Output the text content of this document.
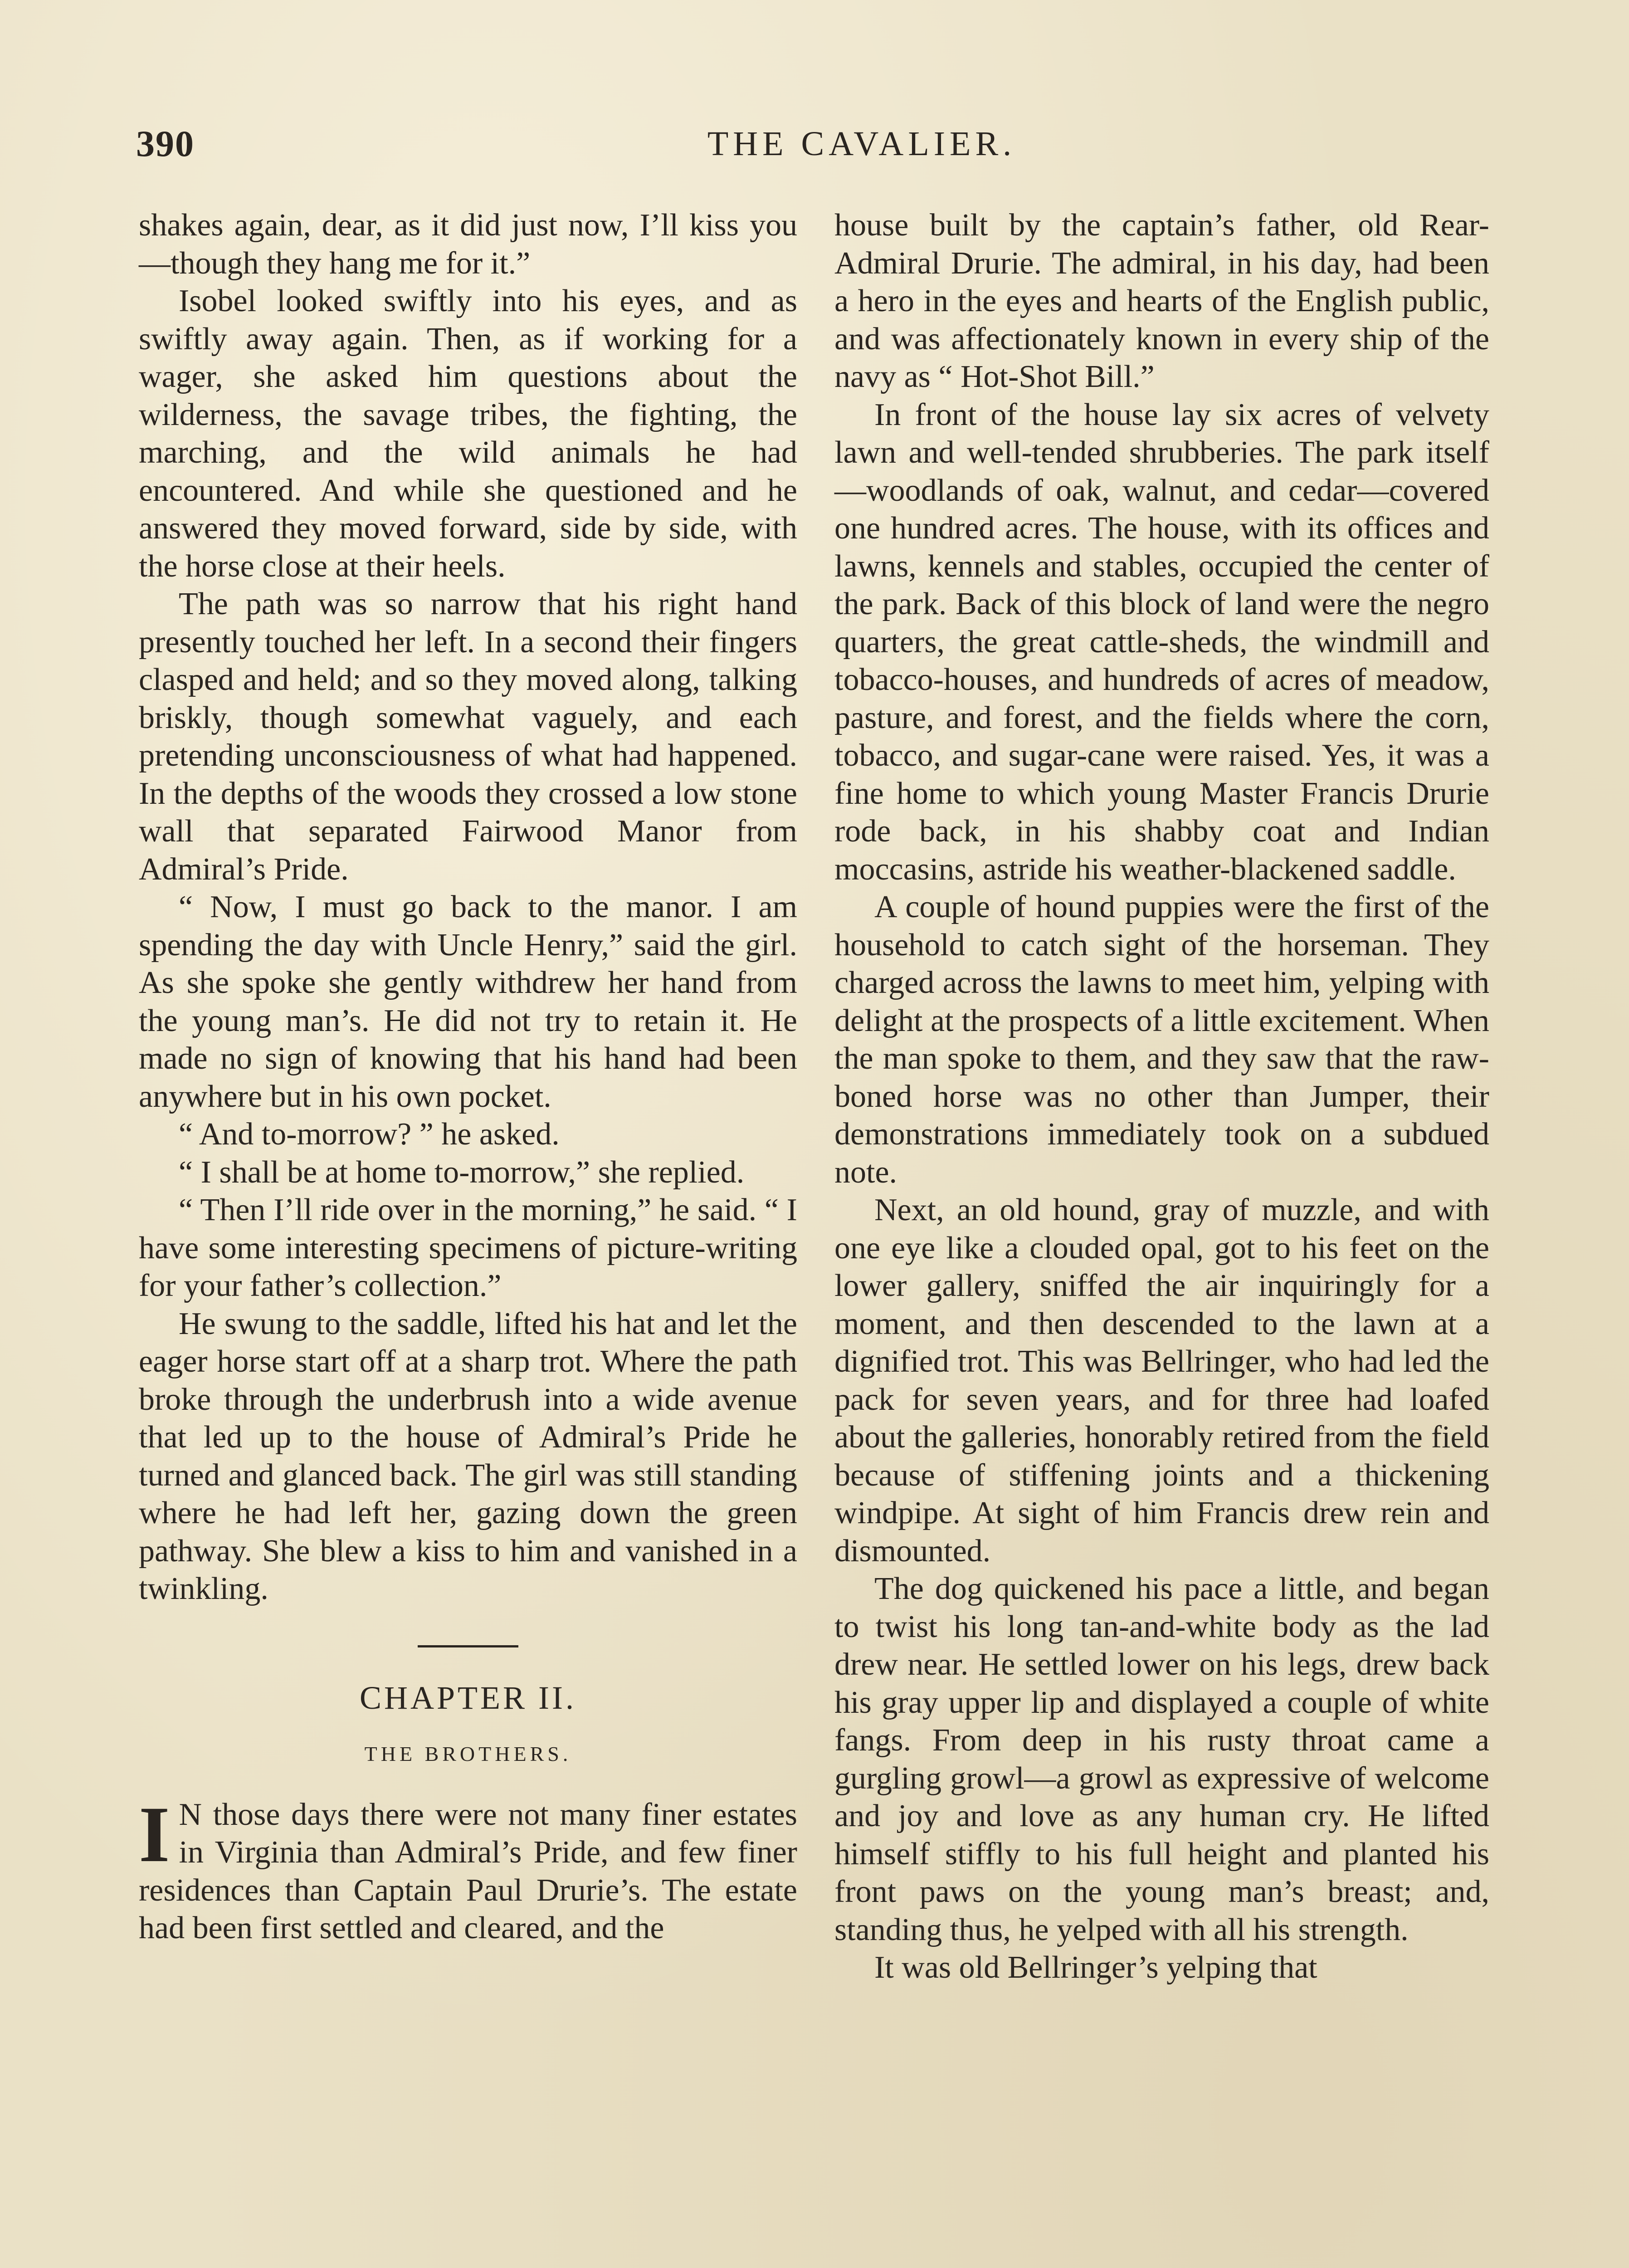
390	THE CAVALIER.

shakes again, dear, as it did just now, I’ll kiss you—though they hang me for it.”

Isobel looked swiftly into his eyes, and as swiftly away again. Then, as if working for a wager, she asked him questions about the wilderness, the savage tribes, the fighting, the marching, and the wild animals he had encountered. And while she questioned and he answered they moved forward, side by side, with the horse close at their heels.

The path was so narrow that his right hand presently touched her left. In a second their fingers clasped and held; and so they moved along, talking briskly, though somewhat vaguely, and each pretending unconsciousness of what had happened. In the depths of the woods they crossed a low stone wall that separated Fairwood Manor from Admiral’s Pride.

“ Now, I must go back to the manor. I am spending the day with Uncle Henry,” said the girl. As she spoke she gently withdrew her hand from the young man’s. He did not try to retain it. He made no sign of knowing that his hand had been anywhere but in his own pocket.

“ And to-morrow? ” he asked.

“ I shall be at home to-morrow,” she replied.

“ Then I’ll ride over in the morning,” he said. “ I have some interesting specimens of picture-writing for your father’s collection.”

He swung to the saddle, lifted his hat and let the eager horse start off at a sharp trot. Where the path broke through the underbrush into a wide avenue that led up to the house of Admiral’s Pride he turned and glanced back. The girl was still standing where he had left her, gazing down the green pathway. She blew a kiss to him and vanished in a twinkling.

CHAPTER II.
THE BROTHERS.

I N those days there were not many finer estates in Virginia than Admiral’s Pride, and few finer residences than Captain Paul Drurie’s. The estate had been first settled and cleared, and the

house built by the captain’s father, old Rear-Admiral Drurie. The admiral, in his day, had been a hero in the eyes and hearts of the English public, and was affectionately known in every ship of the navy as “ Hot-Shot Bill.”

In front of the house lay six acres of velvety lawn and well-tended shrubberies. The park itself—woodlands of oak, walnut, and cedar—covered one hundred acres. The house, with its offices and lawns, kennels and stables, occupied the center of the park. Back of this block of land were the negro quarters, the great cattle-sheds, the windmill and tobacco-houses, and hundreds of acres of meadow, pasture, and forest, and the fields where the corn, tobacco, and sugar-cane were raised. Yes, it was a fine home to which young Master Francis Drurie rode back, in his shabby coat and Indian moccasins, astride his weather-blackened saddle.

A couple of hound puppies were the first of the household to catch sight of the horseman. They charged across the lawns to meet him, yelping with delight at the prospects of a little excitement. When the man spoke to them, and they saw that the raw-boned horse was no other than Jumper, their demonstrations immediately took on a subdued note.

Next, an old hound, gray of muzzle, and with one eye like a clouded opal, got to his feet on the lower gallery, sniffed the air inquiringly for a moment, and then descended to the lawn at a dignified trot. This was Bellringer, who had led the pack for seven years, and for three had loafed about the galleries, honorably retired from the field because of stiffening joints and a thickening windpipe. At sight of him Francis drew rein and dismounted.

The dog quickened his pace a little, and began to twist his long tan-and-white body as the lad drew near. He settled lower on his legs, drew back his gray upper lip and displayed a couple of white fangs. From deep in his rusty throat came a gurgling growl—a growl as expressive of welcome and joy and love as any human cry. He lifted himself stiffly to his full height and planted his front paws on the young man’s breast; and, standing thus, he yelped with all his strength.

It was old Bellringer’s yelping that
